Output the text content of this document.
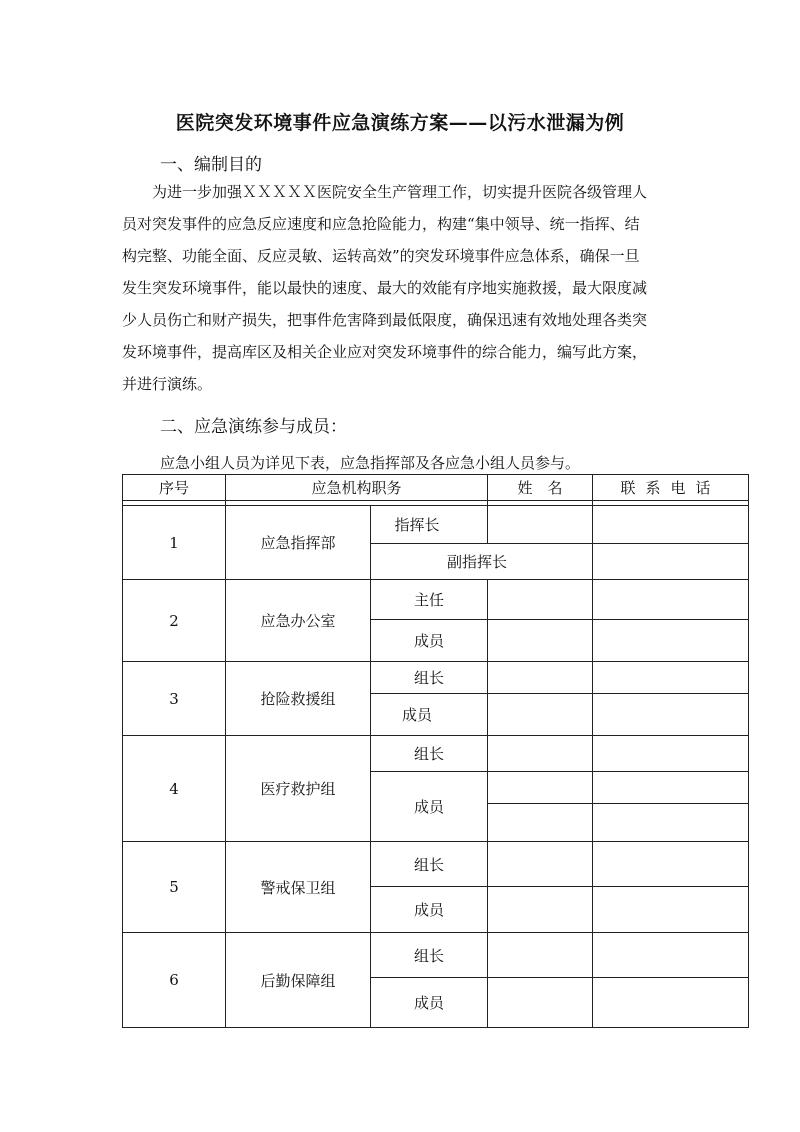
医院突发环境事件应急演练方案——以污水泄漏为例
一、编制目的
为进一步加强ＸＸＸＸＸ医院安全生产管理工作，切实提升医院各级管理人
员对突发事件的应急反应速度和应急抢险能力，构建“集中领导、统一指挥、结
构完整、功能全面、反应灵敏、运转高效”的突发环境事件应急体系，确保一旦
发生突发环境事件，能以最快的速度、最大的效能有序地实施救援，最大限度减
少人员伤亡和财产损失，把事件危害降到最低限度，确保迅速有效地处理各类突
发环境事件，提高库区及相关企业应对突发环境事件的综合能力，编写此方案，
并进行演练。
二、应急演练参与成员：
应急小组人员为详见下表，应急指挥部及各应急小组人员参与。
序号	应急机构职务		姓　名	联系电话

1	应急指挥部	指挥长		
		副指挥长		
2	应急办公室	主任		
		成员		
3	抢险救援组	组长		
		成员		
4	医疗救护组	组长		
		成员		

5	警戒保卫组	组长		
		成员		
6	后勤保障组	组长		
		成员		
